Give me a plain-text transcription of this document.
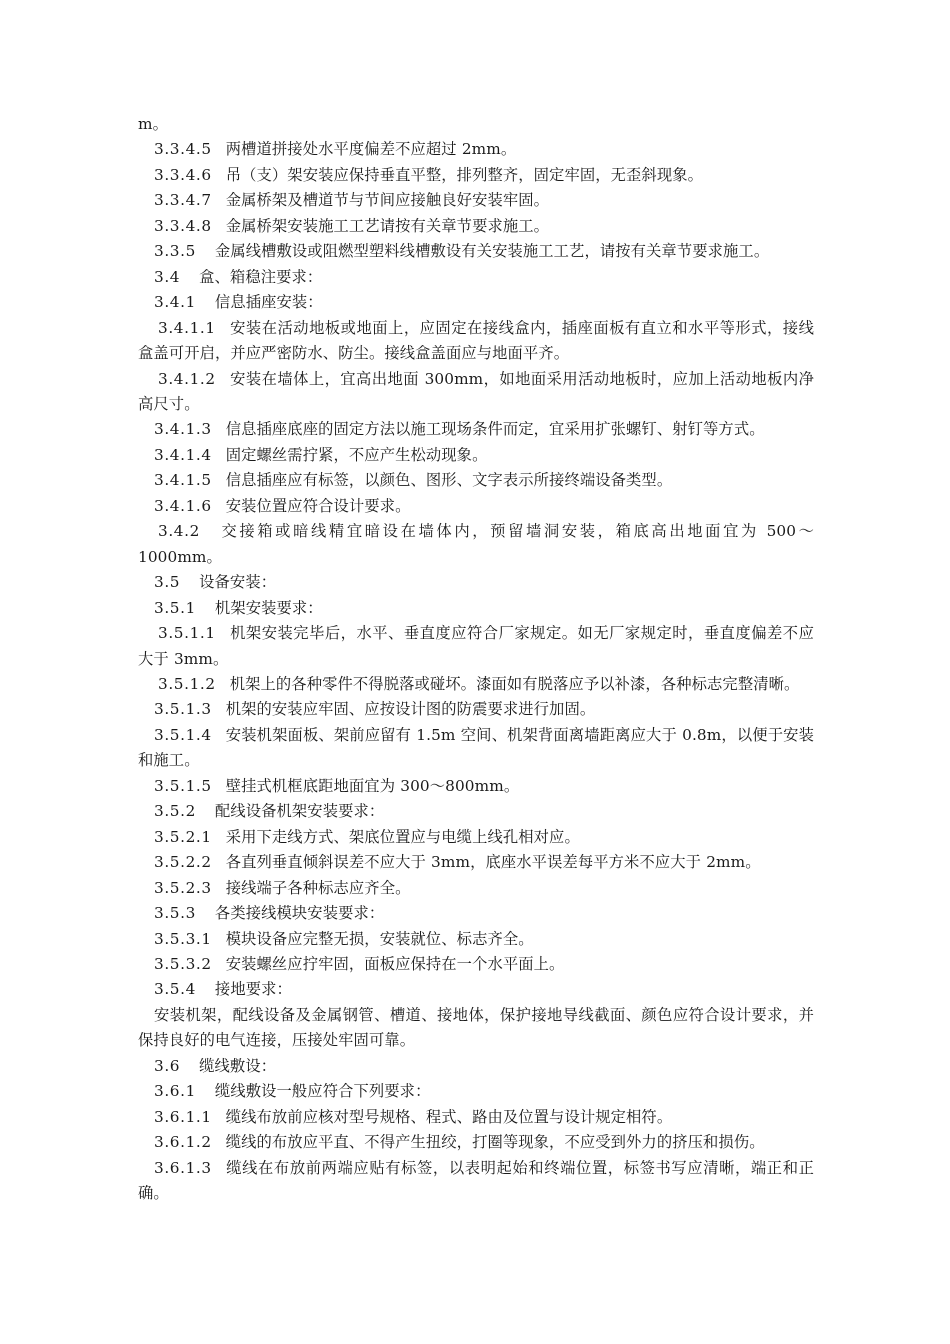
m。

3.3.4.5 两槽道拼接处水平度偏差不应超过 2mm。

3.3.4.6 吊（支）架安装应保持垂直平整，排列整齐，固定牢固，无歪斜现象。

3.3.4.7 金属桥架及槽道节与节间应接触良好安装牢固。

3.3.4.8 金属桥架安装施工工艺请按有关章节要求施工。

3.3.5 金属线槽敷设或阻燃型塑料线槽敷设有关安装施工工艺，请按有关章节要求施工。

3.4 盒、箱稳注要求：

3.4.1 信息插座安装：

3.4.1.1 安装在活动地板或地面上，应固定在接线盒内，插座面板有直立和水平等形式，接线盒盖可开启，并应严密防水、防尘。接线盒盖面应与地面平齐。

3.4.1.2 安装在墙体上，宜高出地面 300mm，如地面采用活动地板时，应加上活动地板内净高尺寸。

3.4.1.3 信息插座底座的固定方法以施工现场条件而定，宜采用扩张螺钉、射钉等方式。

3.4.1.4 固定螺丝需拧紧，不应产生松动现象。

3.4.1.5 信息插座应有标签，以颜色、图形、文字表示所接终端设备类型。

3.4.1.6 安装位置应符合设计要求。

3.4.2 交接箱或暗线精宜暗设在墙体内，预留墙洞安装，箱底高出地面宜为 500～1000mm。

3.5 设备安装：

3.5.1 机架安装要求：

3.5.1.1 机架安装完毕后，水平、垂直度应符合厂家规定。如无厂家规定时，垂直度偏差不应大于 3mm。

3.5.1.2 机架上的各种零件不得脱落或碰坏。漆面如有脱落应予以补漆，各种标志完整清晰。

3.5.1.3 机架的安装应牢固、应按设计图的防震要求进行加固。

3.5.1.4 安装机架面板、架前应留有 1.5m 空间、机架背面离墙距离应大于 0.8m，以便于安装和施工。

3.5.1.5 壁挂式机框底距地面宜为 300～800mm。

3.5.2 配线设备机架安装要求：

3.5.2.1 采用下走线方式、架底位置应与电缆上线孔相对应。

3.5.2.2 各直列垂直倾斜误差不应大于 3mm，底座水平误差每平方米不应大于 2mm。

3.5.2.3 接线端子各种标志应齐全。

3.5.3 各类接线模块安装要求：

3.5.3.1 模块设备应完整无损，安装就位、标志齐全。

3.5.3.2 安装螺丝应拧牢固，面板应保持在一个水平面上。

3.5.4 接地要求：

安装机架，配线设备及金属钢管、槽道、接地体，保护接地导线截面、颜色应符合设计要求，并保持良好的电气连接，压接处牢固可靠。

3.6 缆线敷设：

3.6.1 缆线敷设一般应符合下列要求：

3.6.1.1 缆线布放前应核对型号规格、程式、路由及位置与设计规定相符。

3.6.1.2 缆线的布放应平直、不得产生扭绞，打圈等现象，不应受到外力的挤压和损伤。

3.6.1.3 缆线在布放前两端应贴有标签，以表明起始和终端位置，标签书写应清晰，端正和正确。
